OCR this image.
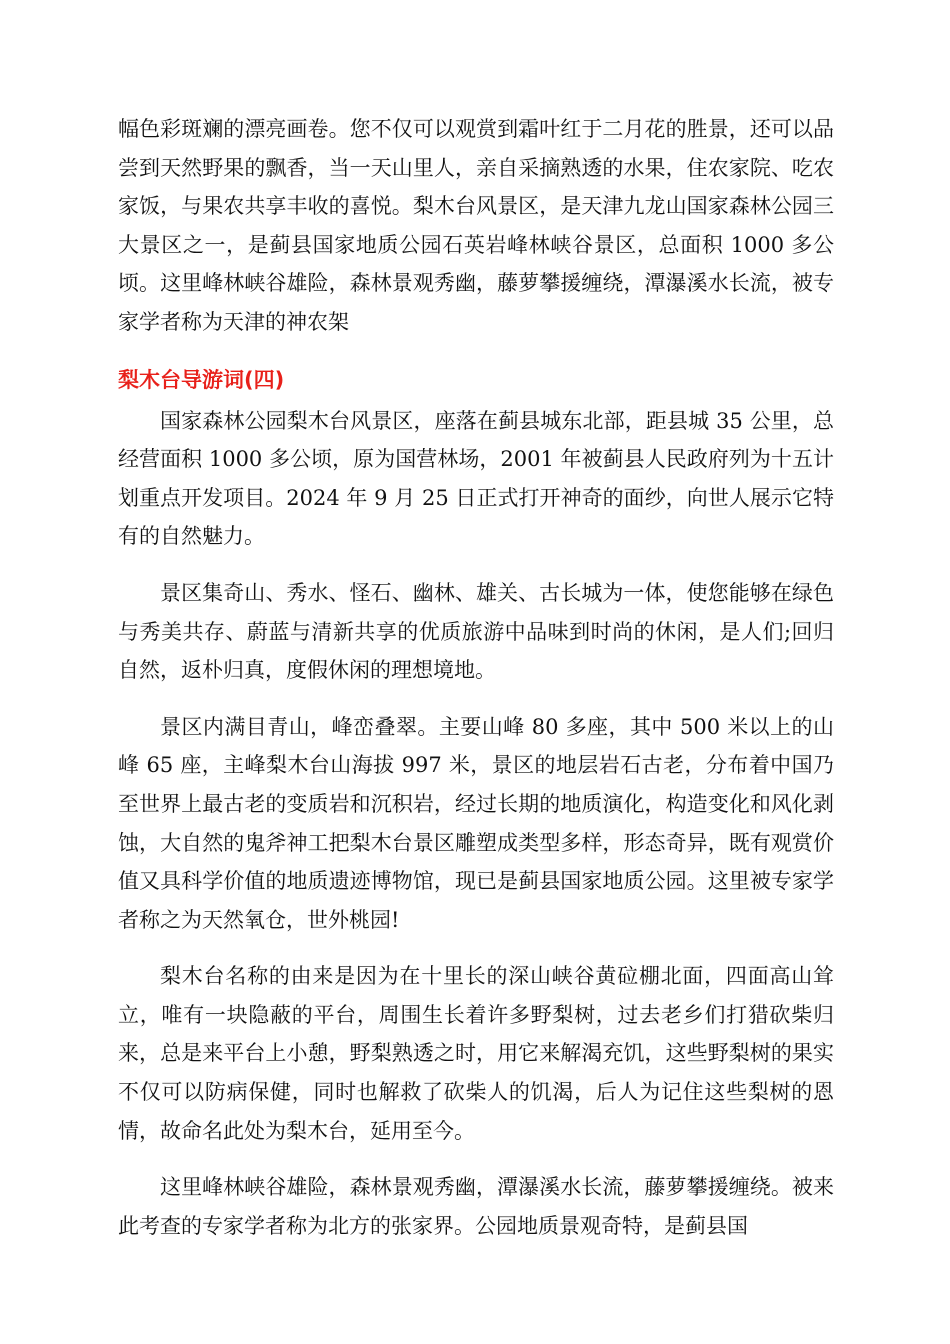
幅色彩斑斓的漂亮画卷。您不仅可以观赏到霜叶红于二月花的胜景，还可以品尝到天然野果的飘香，当一天山里人，亲自采摘熟透的水果，住农家院、吃农家饭，与果农共享丰收的喜悦。梨木台风景区，是天津九龙山国家森林公园三大景区之一，是蓟县国家地质公园石英岩峰林峡谷景区，总面积 1000 多公顷。这里峰林峡谷雄险，森林景观秀幽，藤萝攀援缠绕，潭瀑溪水长流，被专家学者称为天津的神农架

梨木台导游词(四)

国家森林公园梨木台风景区，座落在蓟县城东北部，距县城 35 公里，总经营面积 1000 多公顷，原为国营林场，2001 年被蓟县人民政府列为十五计划重点开发项目。2024 年 9 月 25 日正式打开神奇的面纱，向世人展示它特有的自然魅力。

景区集奇山、秀水、怪石、幽林、雄关、古长城为一体，使您能够在绿色与秀美共存、蔚蓝与清新共享的优质旅游中品味到时尚的休闲，是人们;回归自然，返朴归真，度假休闲的理想境地。

景区内满目青山，峰峦叠翠。主要山峰 80 多座，其中 500 米以上的山峰 65 座，主峰梨木台山海拔 997 米，景区的地层岩石古老，分布着中国乃至世界上最古老的变质岩和沉积岩，经过长期的地质演化，构造变化和风化剥蚀，大自然的鬼斧神工把梨木台景区雕塑成类型多样，形态奇异，既有观赏价值又具科学价值的地质遗迹博物馆，现已是蓟县国家地质公园。这里被专家学者称之为天然氧仓，世外桃园!

梨木台名称的由来是因为在十里长的深山峡谷黄砬棚北面，四面高山耸立，唯有一块隐蔽的平台，周围生长着许多野梨树，过去老乡们打猎砍柴归来，总是来平台上小憩，野梨熟透之时，用它来解渴充饥，这些野梨树的果实不仅可以防病保健，同时也解救了砍柴人的饥渴，后人为记住这些梨树的恩情，故命名此处为梨木台，延用至今。

这里峰林峡谷雄险，森林景观秀幽，潭瀑溪水长流，藤萝攀援缠绕。被来此考查的专家学者称为北方的张家界。公园地质景观奇特，是蓟县国
